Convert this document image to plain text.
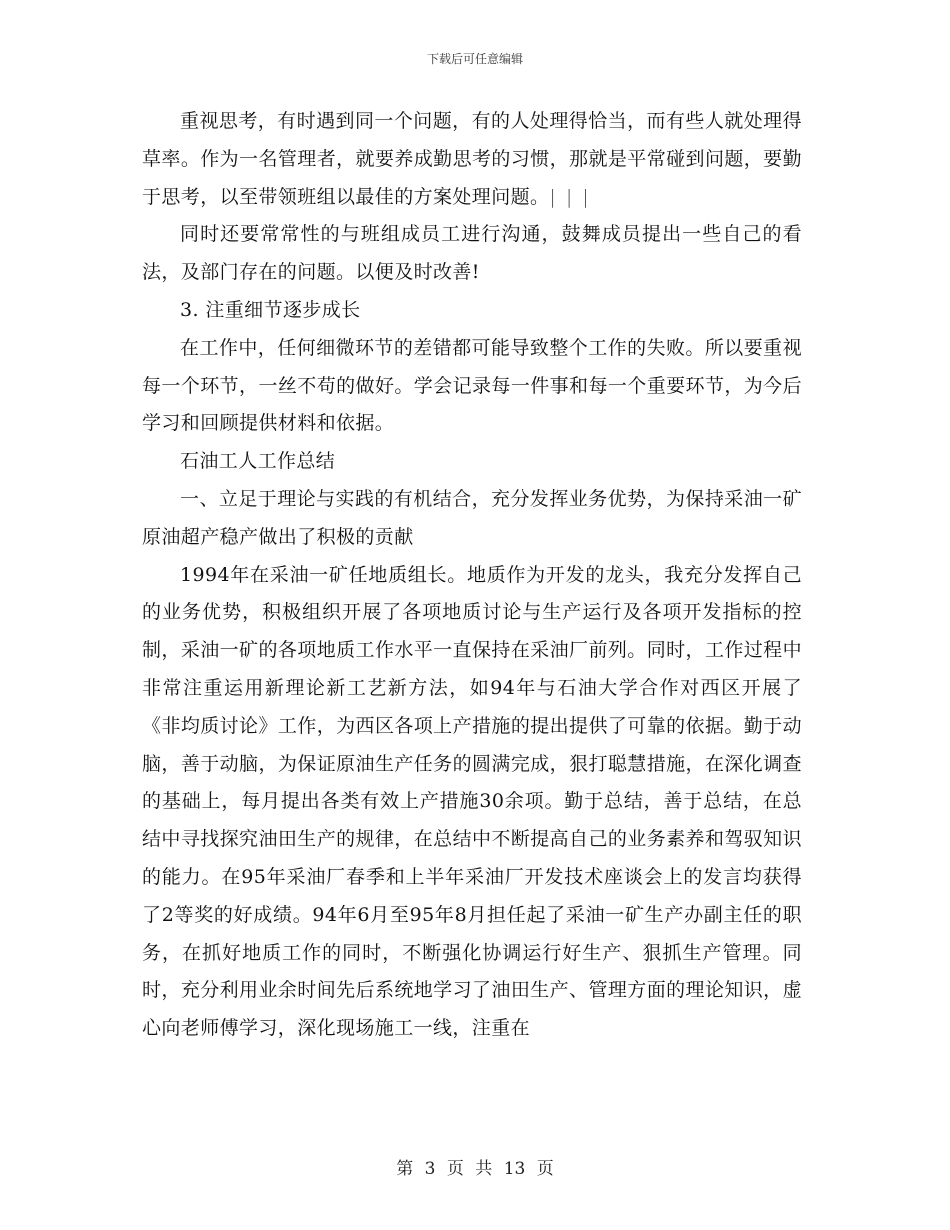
下载后可任意编辑

重视思考，有时遇到同一个问题，有的人处理得恰当，而有些人就处理得草率。作为一名管理者，就要养成勤思考的习惯，那就是平常碰到问题，要勤于思考，以至带领班组以最佳的方案处理问题。| | |

同时还要常常性的与班组成员工进行沟通，鼓舞成员提出一些自己的看法，及部门存在的问题。以便及时改善!

3. 注重细节逐步成长

在工作中，任何细微环节的差错都可能导致整个工作的失败。所以要重视每一个环节，一丝不苟的做好。学会记录每一件事和每一个重要环节，为今后学习和回顾提供材料和依据。

石油工人工作总结

一、立足于理论与实践的有机结合，充分发挥业务优势，为保持采油一矿原油超产稳产做出了积极的贡献

1994年在采油一矿任地质组长。地质作为开发的龙头，我充分发挥自己的业务优势，积极组织开展了各项地质讨论与生产运行及各项开发指标的控制，采油一矿的各项地质工作水平一直保持在采油厂前列。同时，工作过程中非常注重运用新理论新工艺新方法，如94年与石油大学合作对西区开展了《非均质讨论》工作，为西区各项上产措施的提出提供了可靠的依据。勤于动脑，善于动脑，为保证原油生产任务的圆满完成，狠打聪慧措施，在深化调查的基础上，每月提出各类有效上产措施30余项。勤于总结，善于总结，在总结中寻找探究油田生产的规律，在总结中不断提高自己的业务素养和驾驭知识的能力。在95年采油厂春季和上半年采油厂开发技术座谈会上的发言均获得了2等奖的好成绩。94年6月至95年8月担任起了采油一矿生产办副主任的职务，在抓好地质工作的同时，不断强化协调运行好生产、狠抓生产管理。同时，充分利用业余时间先后系统地学习了油田生产、管理方面的理论知识，虚心向老师傅学习，深化现场施工一线，注重在

第 3 页 共 13 页
